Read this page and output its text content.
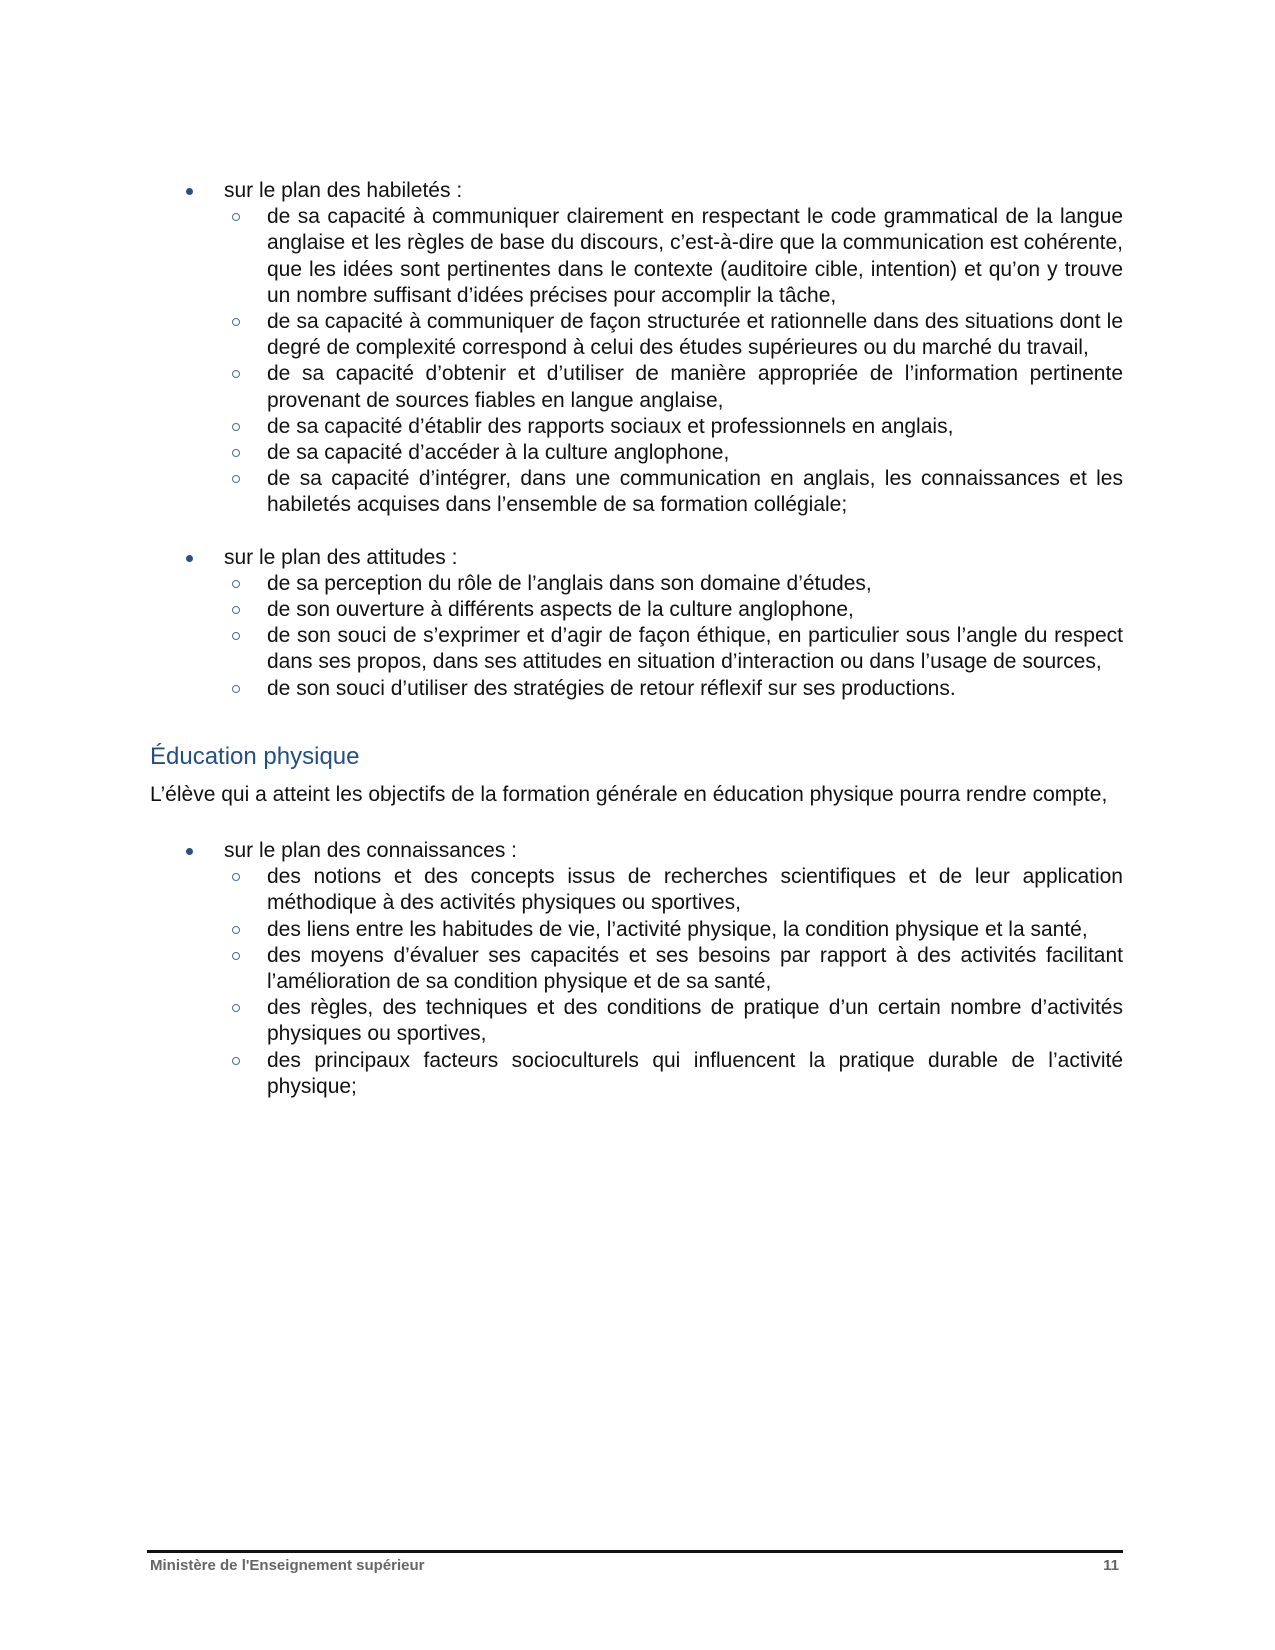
sur le plan des habiletés :
de sa capacité à communiquer clairement en respectant le code grammatical de la langue anglaise et les règles de base du discours, c’est-à-dire que la communication est cohérente, que les idées sont pertinentes dans le contexte (auditoire cible, intention) et qu’on y trouve un nombre suffisant d’idées précises pour accomplir la tâche,
de sa capacité à communiquer de façon structurée et rationnelle dans des situations dont le degré de complexité correspond à celui des études supérieures ou du marché du travail,
de sa capacité d’obtenir et d’utiliser de manière appropriée de l’information pertinente provenant de sources fiables en langue anglaise,
de sa capacité d’établir des rapports sociaux et professionnels en anglais,
de sa capacité d’accéder à la culture anglophone,
de sa capacité d’intégrer, dans une communication en anglais, les connaissances et les habiletés acquises dans l’ensemble de sa formation collégiale;
sur le plan des attitudes :
de sa perception du rôle de l’anglais dans son domaine d’études,
de son ouverture à différents aspects de la culture anglophone,
de son souci de s’exprimer et d’agir de façon éthique, en particulier sous l’angle du respect dans ses propos, dans ses attitudes en situation d’interaction ou dans l’usage de sources,
de son souci d’utiliser des stratégies de retour réflexif sur ses productions.
Éducation physique
L’élève qui a atteint les objectifs de la formation générale en éducation physique pourra rendre compte,
sur le plan des connaissances :
des notions et des concepts issus de recherches scientifiques et de leur application méthodique à des activités physiques ou sportives,
des liens entre les habitudes de vie, l’activité physique, la condition physique et la santé,
des moyens d’évaluer ses capacités et ses besoins par rapport à des activités facilitant l’amélioration de sa condition physique et de sa santé,
des règles, des techniques et des conditions de pratique d’un certain nombre d’activités physiques ou sportives,
des principaux facteurs socioculturels qui influencent la pratique durable de l’activité physique;
Ministère de l'Enseignement supérieur	11
